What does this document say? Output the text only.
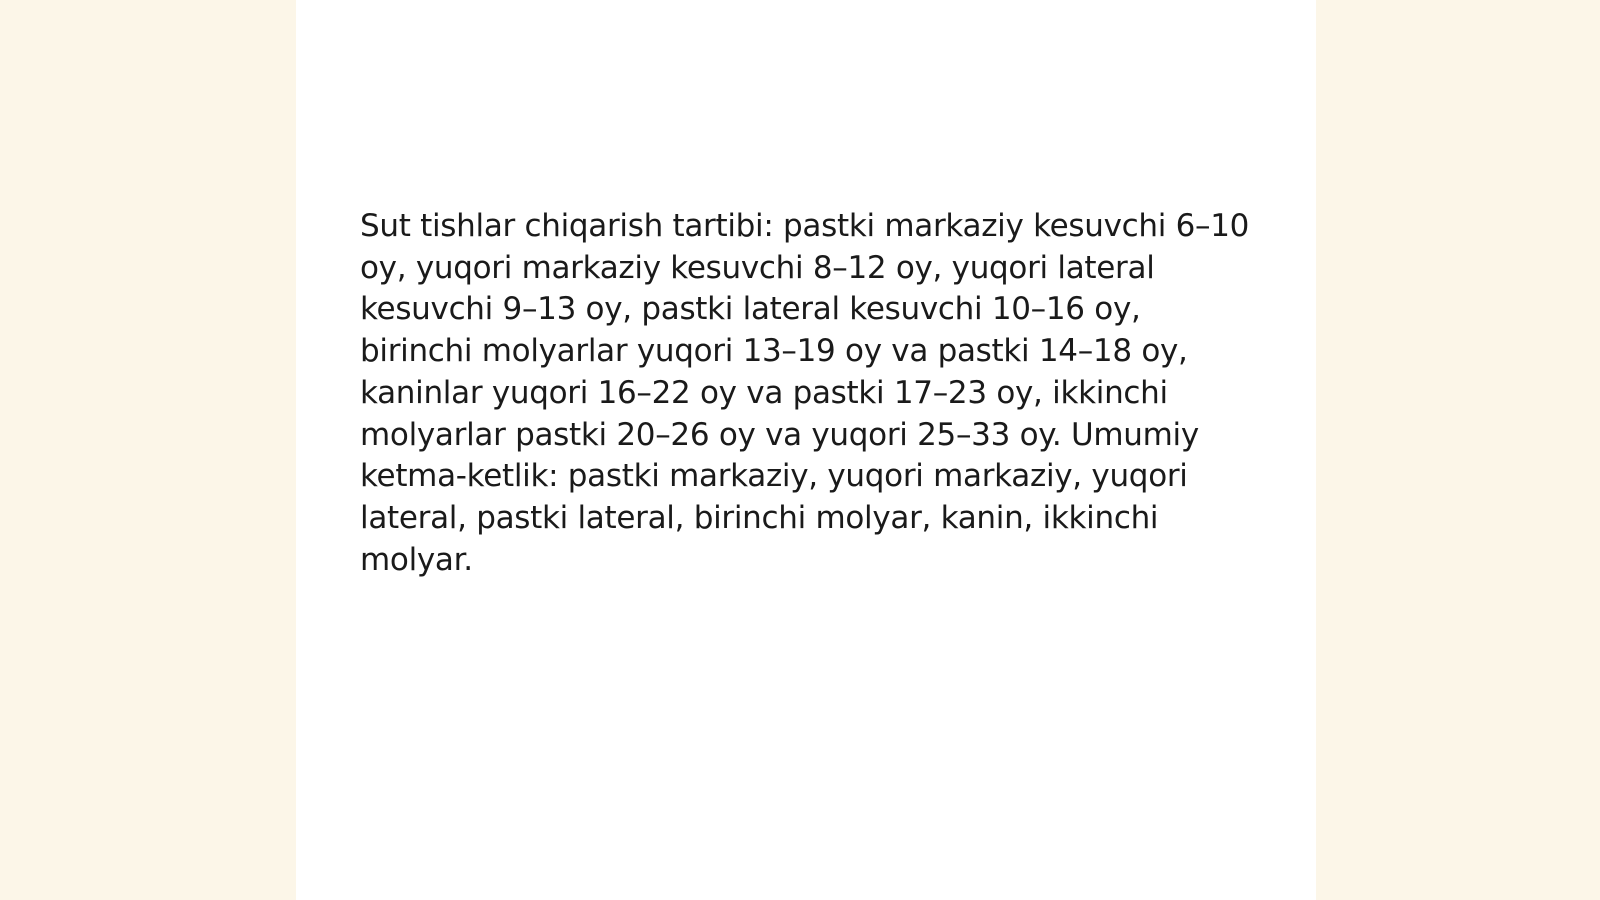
Sut tishlar chiqarish tartibi: pastki markaziy kesuvchi 6–10 oy, yuqori markaziy kesuvchi 8–12 oy, yuqori lateral kesuvchi 9–13 oy, pastki lateral kesuvchi 10–16 oy, birinchi molyarlar yuqori 13–19 oy va pastki 14–18 oy, kaninlar yuqori 16–22 oy va pastki 17–23 oy, ikkinchi molyarlar pastki 20–26 oy va yuqori 25–33 oy. Umumiy ketma-ketlik: pastki markaziy, yuqori markaziy, yuqori lateral, pastki lateral, birinchi molyar, kanin, ikkinchi molyar.
